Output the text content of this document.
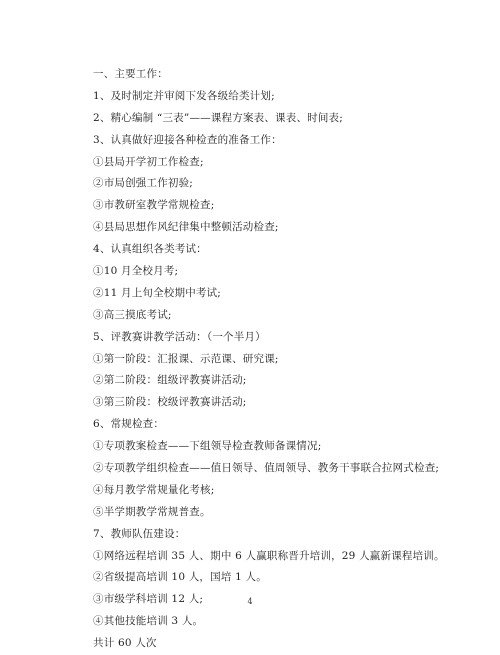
一、主要工作：
1、及时制定并审阅下发各级给类计划;
2、精心编制 “三表”——课程方案表、课表、时间表;
3、认真做好迎接各种检查的准备工作：
①县局开学初工作检查;
②市局创强工作初验;
③市教研室教学常规检查;
④县局思想作风纪律集中整顿活动检查;
4、认真组织各类考试：
①10 月全校月考;
②11 月上旬全校期中考试;
③高三摸底考试;
5、评教赛讲教学活动：（一个半月）
①第一阶段：汇报课、示范课、研究课;
②第二阶段：组级评教赛讲活动;
③第三阶段：校级评教赛讲活动;
6、常规检查：
①专项教案检查——下组领导检查教师备课情况;
②专项教学组织检查——值日领导、值周领导、教务干事联合拉网式检查;
④每月教学常规量化考核;
⑤半学期教学常规普查。
7、教师队伍建设：
①网络远程培训 35 人、期中 6 人赢职称晋升培训，29 人赢新课程培训。
②省级提高培训 10 人，国培 1 人。
③市级学科培训 12 人;
④其他技能培训 3 人。
共计 60 人次
4
